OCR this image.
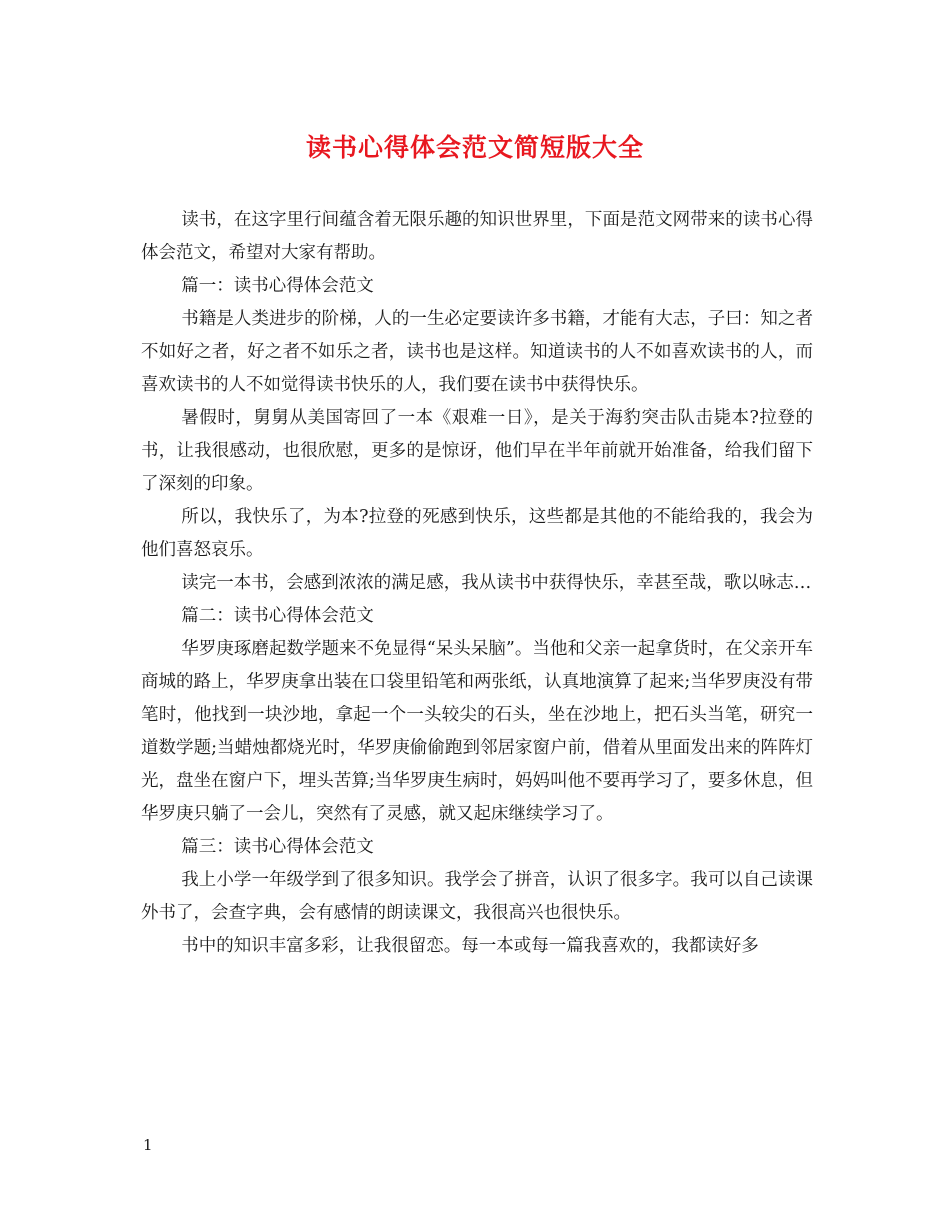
读书心得体会范文简短版大全

读书，在这字里行间蕴含着无限乐趣的知识世界里，下面是范文网带来的读书心得体会范文，希望对大家有帮助。

篇一：读书心得体会范文

书籍是人类进步的阶梯，人的一生必定要读许多书籍，才能有大志，子曰：知之者不如好之者，好之者不如乐之者，读书也是这样。知道读书的人不如喜欢读书的人，而喜欢读书的人不如觉得读书快乐的人，我们要在读书中获得快乐。

暑假时，舅舅从美国寄回了一本《艰难一日》，是关于海豹突击队击毙本?拉登的书，让我很感动，也很欣慰，更多的是惊讶，他们早在半年前就开始准备，给我们留下了深刻的印象。

所以，我快乐了，为本?拉登的死感到快乐，这些都是其他的不能给我的，我会为他们喜怒哀乐。

读完一本书，会感到浓浓的满足感，我从读书中获得快乐，幸甚至哉，歌以咏志…

篇二：读书心得体会范文

华罗庚琢磨起数学题来不免显得“呆头呆脑”。当他和父亲一起拿货时，在父亲开车商城的路上，华罗庚拿出装在口袋里铅笔和两张纸，认真地演算了起来;当华罗庚没有带笔时，他找到一块沙地，拿起一个一头较尖的石头，坐在沙地上，把石头当笔，研究一道数学题;当蜡烛都烧光时，华罗庚偷偷跑到邻居家窗户前，借着从里面发出来的阵阵灯光，盘坐在窗户下，埋头苦算;当华罗庚生病时，妈妈叫他不要再学习了，要多休息，但华罗庚只躺了一会儿，突然有了灵感，就又起床继续学习了。

篇三：读书心得体会范文

我上小学一年级学到了很多知识。我学会了拼音，认识了很多字。我可以自己读课外书了，会查字典，会有感情的朗读课文，我很高兴也很快乐。

书中的知识丰富多彩，让我很留恋。每一本或每一篇我喜欢的，我都读好多

1
